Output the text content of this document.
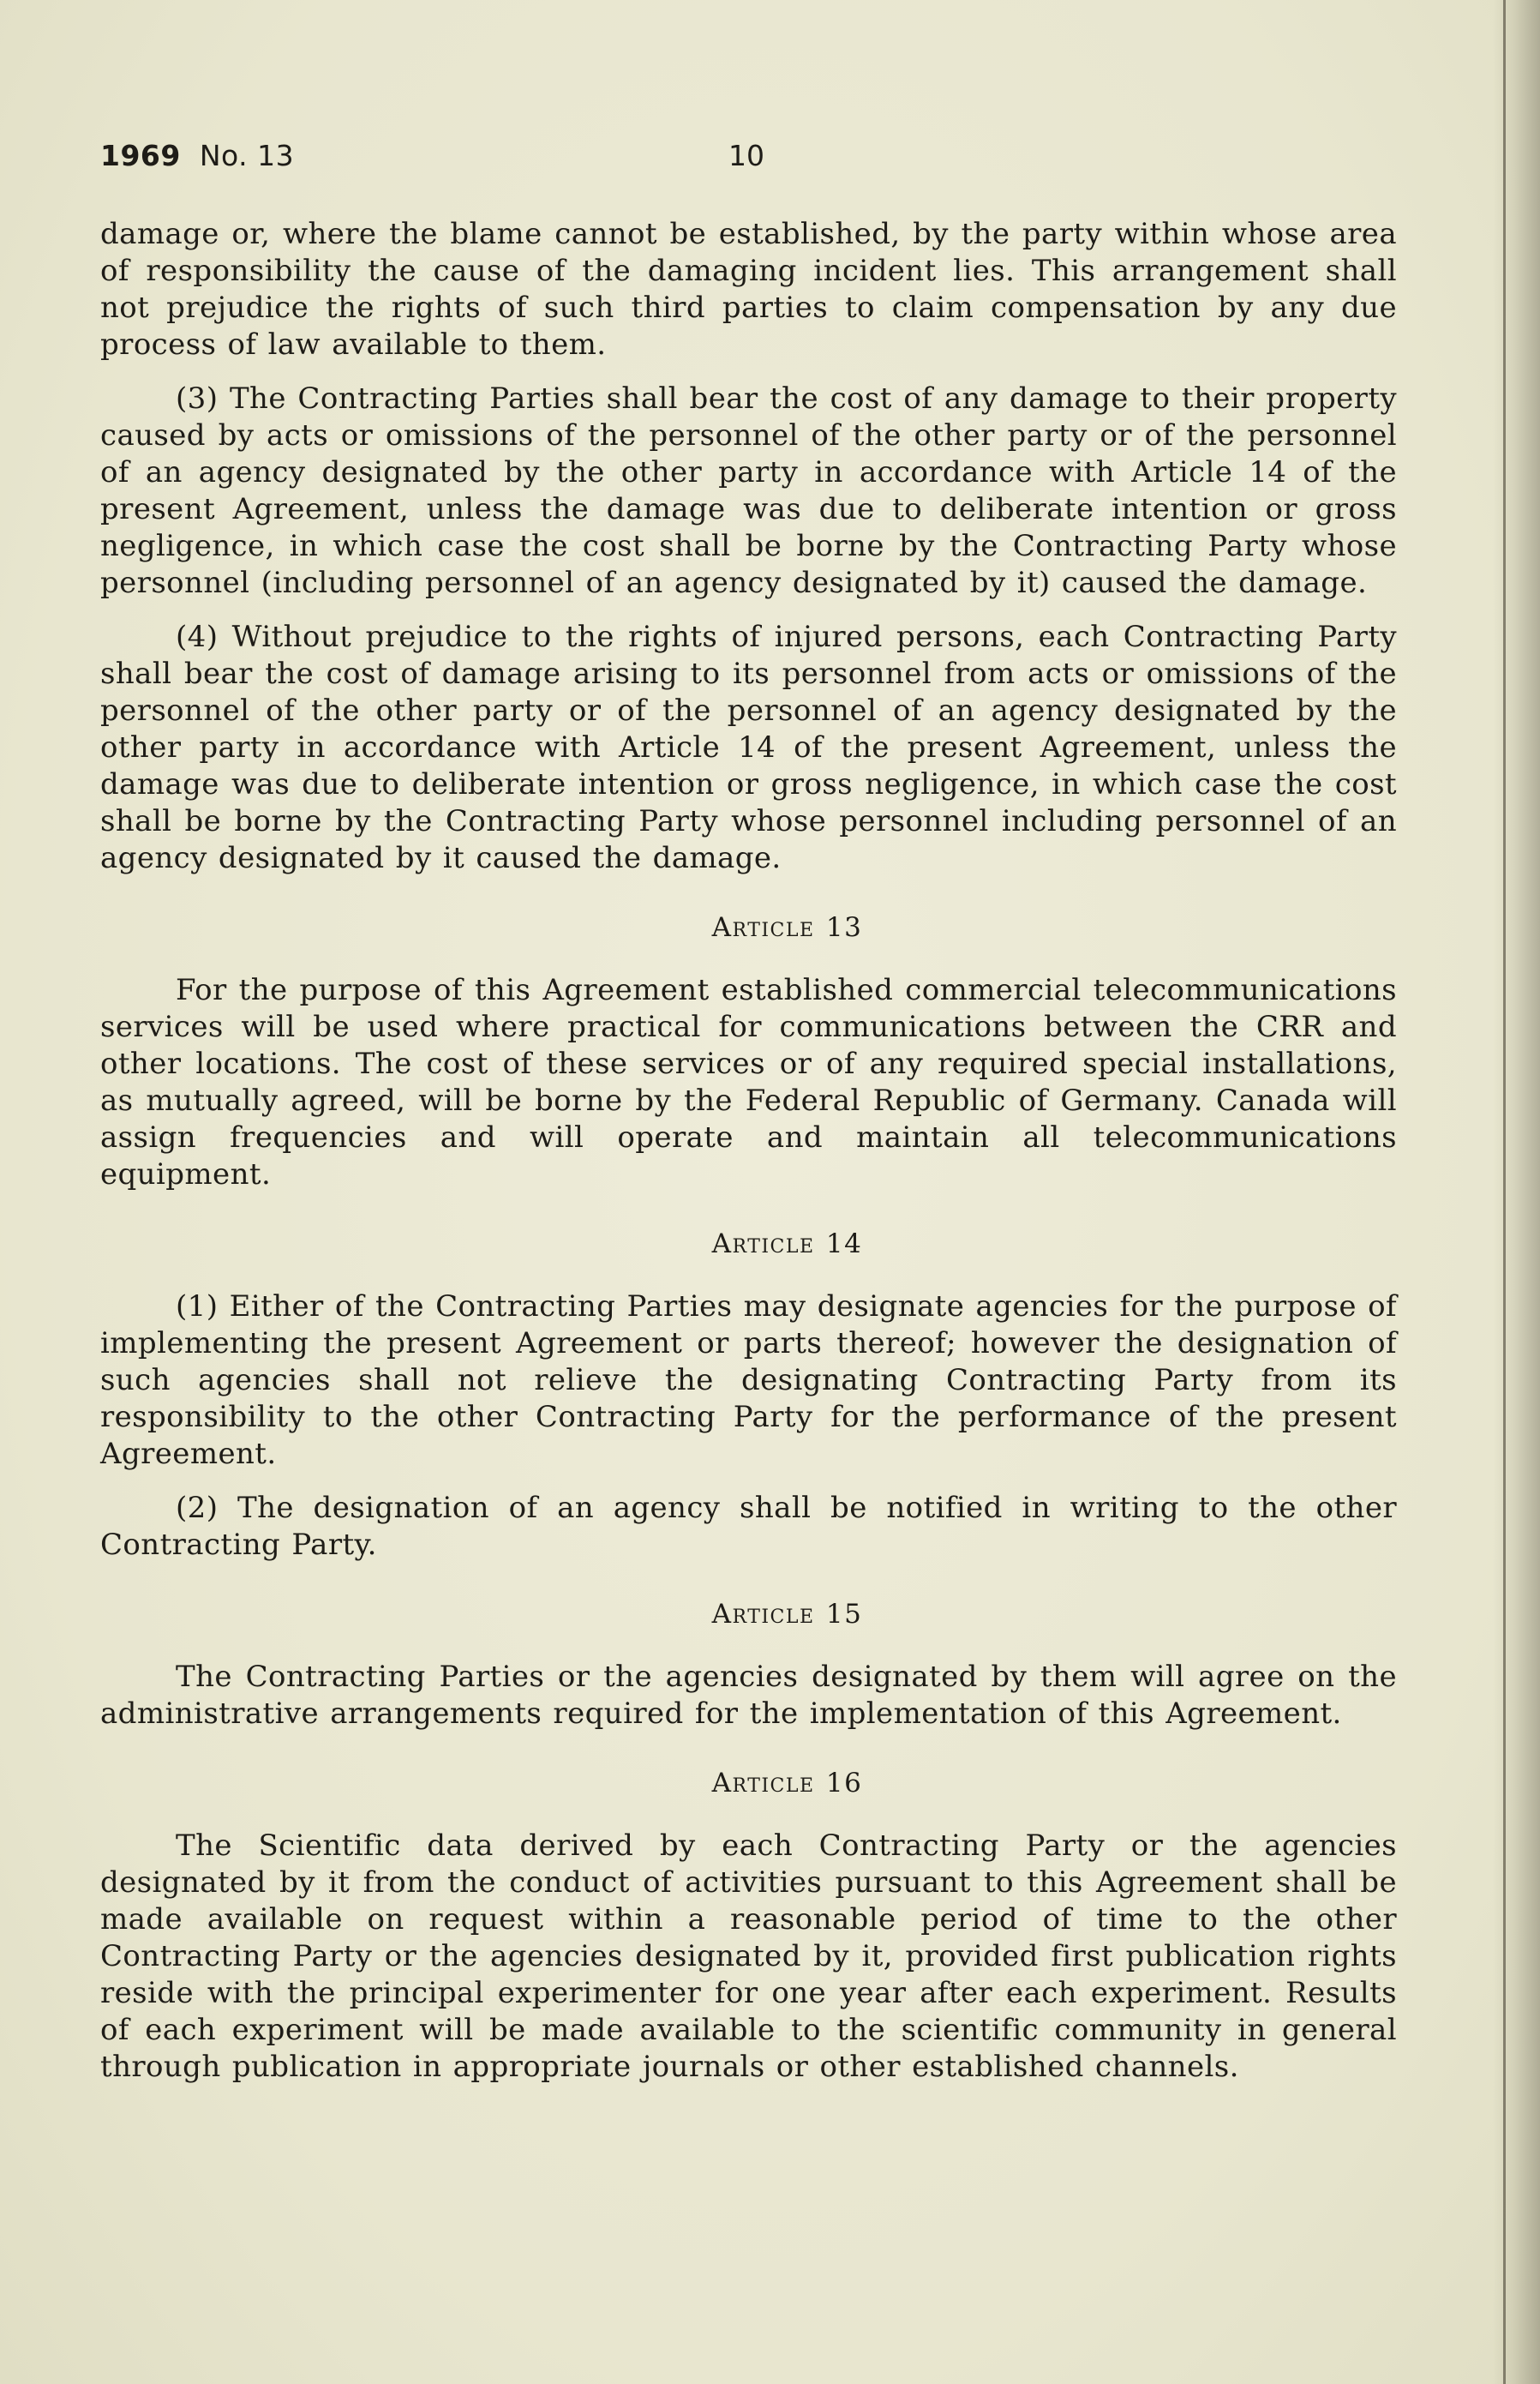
1969 No. 13	10

damage or, where the blame cannot be established, by the party within whose area of responsibility the cause of the damaging incident lies. This arrangement shall not prejudice the rights of such third parties to claim compensation by any due process of law available to them.

(3) The Contracting Parties shall bear the cost of any damage to their property caused by acts or omissions of the personnel of the other party or of the personnel of an agency designated by the other party in accordance with Article 14 of the present Agreement, unless the damage was due to deliberate intention or gross negligence, in which case the cost shall be borne by the Contracting Party whose personnel (including personnel of an agency designated by it) caused the damage.

(4) Without prejudice to the rights of injured persons, each Contracting Party shall bear the cost of damage arising to its personnel from acts or omissions of the personnel of the other party or of the personnel of an agency designated by the other party in accordance with Article 14 of the present Agreement, unless the damage was due to deliberate intention or gross negligence, in which case the cost shall be borne by the Contracting Party whose personnel including personnel of an agency designated by it caused the damage.

Article 13

For the purpose of this Agreement established commercial telecommunications services will be used where practical for communications between the CRR and other locations. The cost of these services or of any required special installations, as mutually agreed, will be borne by the Federal Republic of Germany. Canada will assign frequencies and will operate and maintain all telecommunications equipment.

Article 14

(1) Either of the Contracting Parties may designate agencies for the purpose of implementing the present Agreement or parts thereof; however the designation of such agencies shall not relieve the designating Contracting Party from its responsibility to the other Contracting Party for the performance of the present Agreement.

(2) The designation of an agency shall be notified in writing to the other Contracting Party.

Article 15

The Contracting Parties or the agencies designated by them will agree on the administrative arrangements required for the implementation of this Agreement.

Article 16

The Scientific data derived by each Contracting Party or the agencies designated by it from the conduct of activities pursuant to this Agreement shall be made available on request within a reasonable period of time to the other Contracting Party or the agencies designated by it, provided first publication rights reside with the principal experimenter for one year after each experiment. Results of each experiment will be made available to the scientific community in general through publication in appropriate journals or other established channels.
